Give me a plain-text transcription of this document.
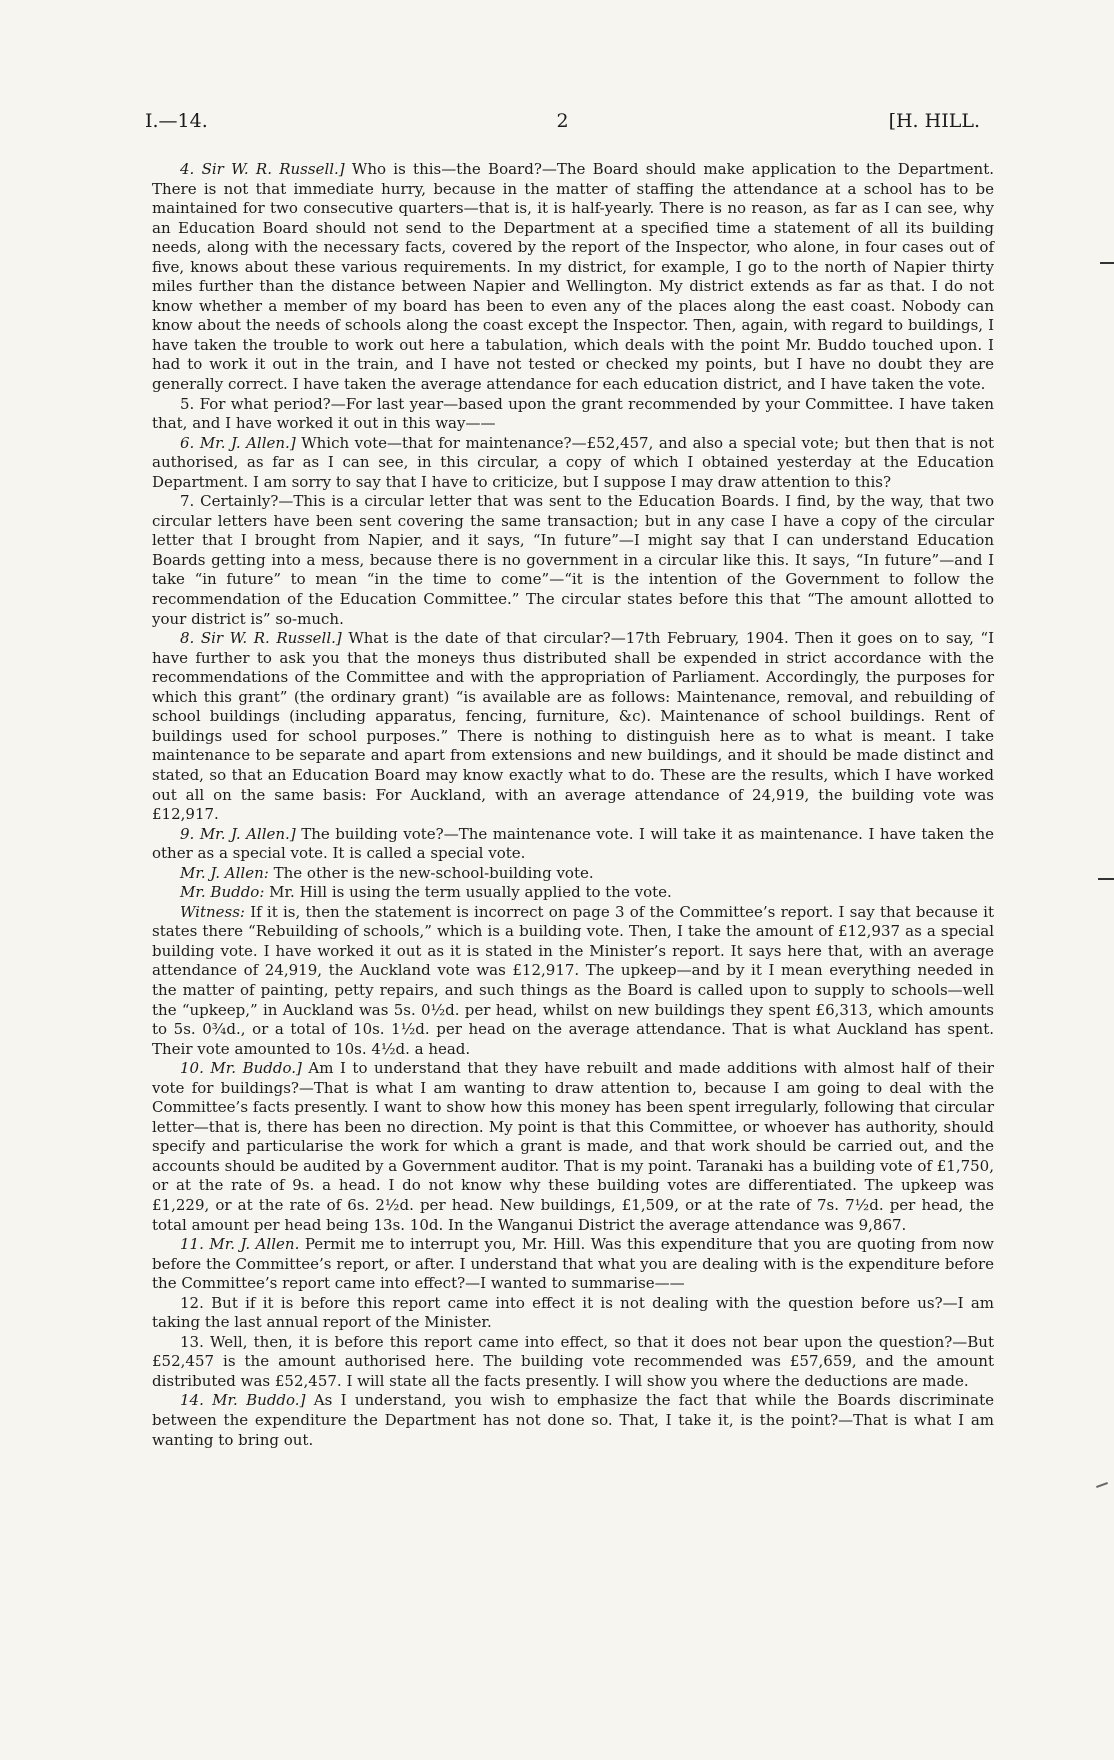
I.—14.	2	[H. HILL.

4. Sir W. R. Russell.] Who is this—the Board?—The Board should make application to the Department. There is not that immediate hurry, because in the matter of staffing the attendance at a school has to be maintained for two consecutive quarters—that is, it is half-yearly. There is no reason, as far as I can see, why an Education Board should not send to the Department at a specified time a statement of all its building needs, along with the necessary facts, covered by the report of the Inspector, who alone, in four cases out of five, knows about these various requirements. In my district, for example, I go to the north of Napier thirty miles further than the distance between Napier and Wellington. My district extends as far as that. I do not know whether a member of my board has been to even any of the places along the east coast. Nobody can know about the needs of schools along the coast except the Inspector. Then, again, with regard to buildings, I have taken the trouble to work out here a tabulation, which deals with the point Mr. Buddo touched upon. I had to work it out in the train, and I have not tested or checked my points, but I have no doubt they are generally correct. I have taken the average attendance for each education district, and I have taken the vote.

5. For what period?—For last year—based upon the grant recommended by your Committee. I have taken that, and I have worked it out in this way——

6. Mr. J. Allen.] Which vote—that for maintenance?—£52,457, and also a special vote; but then that is not authorised, as far as I can see, in this circular, a copy of which I obtained yesterday at the Education Department. I am sorry to say that I have to criticize, but I suppose I may draw attention to this?

7. Certainly?—This is a circular letter that was sent to the Education Boards. I find, by the way, that two circular letters have been sent covering the same transaction; but in any case I have a copy of the circular letter that I brought from Napier, and it says, “In future”—I might say that I can understand Education Boards getting into a mess, because there is no government in a circular like this. It says, “In future”—and I take “in future” to mean “in the time to come”—“it is the intention of the Government to follow the recommendation of the Education Committee.” The circular states before this that “The amount allotted to your district is” so-much.

8. Sir W. R. Russell.] What is the date of that circular?—17th February, 1904. Then it goes on to say, “I have further to ask you that the moneys thus distributed shall be expended in strict accordance with the recommendations of the Committee and with the appropriation of Parliament. Accordingly, the purposes for which this grant” (the ordinary grant) “is available are as follows: Maintenance, removal, and rebuilding of school buildings (including apparatus, fencing, furniture, &c). Maintenance of school buildings. Rent of buildings used for school purposes.” There is nothing to distinguish here as to what is meant. I take maintenance to be separate and apart from extensions and new buildings, and it should be made distinct and stated, so that an Education Board may know exactly what to do. These are the results, which I have worked out all on the same basis: For Auckland, with an average attendance of 24,919, the building vote was £12,917.

9. Mr. J. Allen.] The building vote?—The maintenance vote. I will take it as maintenance. I have taken the other as a special vote. It is called a special vote.

Mr. J. Allen: The other is the new-school-building vote.

Mr. Buddo: Mr. Hill is using the term usually applied to the vote.

Witness: If it is, then the statement is incorrect on page 3 of the Committee’s report. I say that because it states there “Rebuilding of schools,” which is a building vote. Then, I take the amount of £12,937 as a special building vote. I have worked it out as it is stated in the Minister’s report. It says here that, with an average attendance of 24,919, the Auckland vote was £12,917. The upkeep—and by it I mean everything needed in the matter of painting, petty repairs, and such things as the Board is called upon to supply to schools—well the “upkeep,” in Auckland was 5s. 0½d. per head, whilst on new buildings they spent £6,313, which amounts to 5s. 0¾d., or a total of 10s. 1½d. per head on the average attendance. That is what Auckland has spent. Their vote amounted to 10s. 4½d. a head.

10. Mr. Buddo.] Am I to understand that they have rebuilt and made additions with almost half of their vote for buildings?—That is what I am wanting to draw attention to, because I am going to deal with the Committee’s facts presently. I want to show how this money has been spent irregularly, following that circular letter—that is, there has been no direction. My point is that this Committee, or whoever has authority, should specify and particularise the work for which a grant is made, and that work should be carried out, and the accounts should be audited by a Government auditor. That is my point. Taranaki has a building vote of £1,750, or at the rate of 9s. a head. I do not know why these building votes are differentiated. The upkeep was £1,229, or at the rate of 6s. 2½d. per head. New buildings, £1,509, or at the rate of 7s. 7½d. per head, the total amount per head being 13s. 10d. In the Wanganui District the average attendance was 9,867.

11. Mr. J. Allen. Permit me to interrupt you, Mr. Hill. Was this expenditure that you are quoting from now before the Committee’s report, or after. I understand that what you are dealing with is the expenditure before the Committee’s report came into effect?—I wanted to summarise——

12. But if it is before this report came into effect it is not dealing with the question before us?—I am taking the last annual report of the Minister.

13. Well, then, it is before this report came into effect, so that it does not bear upon the question?—But £52,457 is the amount authorised here. The building vote recommended was £57,659, and the amount distributed was £52,457. I will state all the facts presently. I will show you where the deductions are made.

14. Mr. Buddo.] As I understand, you wish to emphasize the fact that while the Boards discriminate between the expenditure the Department has not done so. That, I take it, is the point?—That is what I am wanting to bring out.
